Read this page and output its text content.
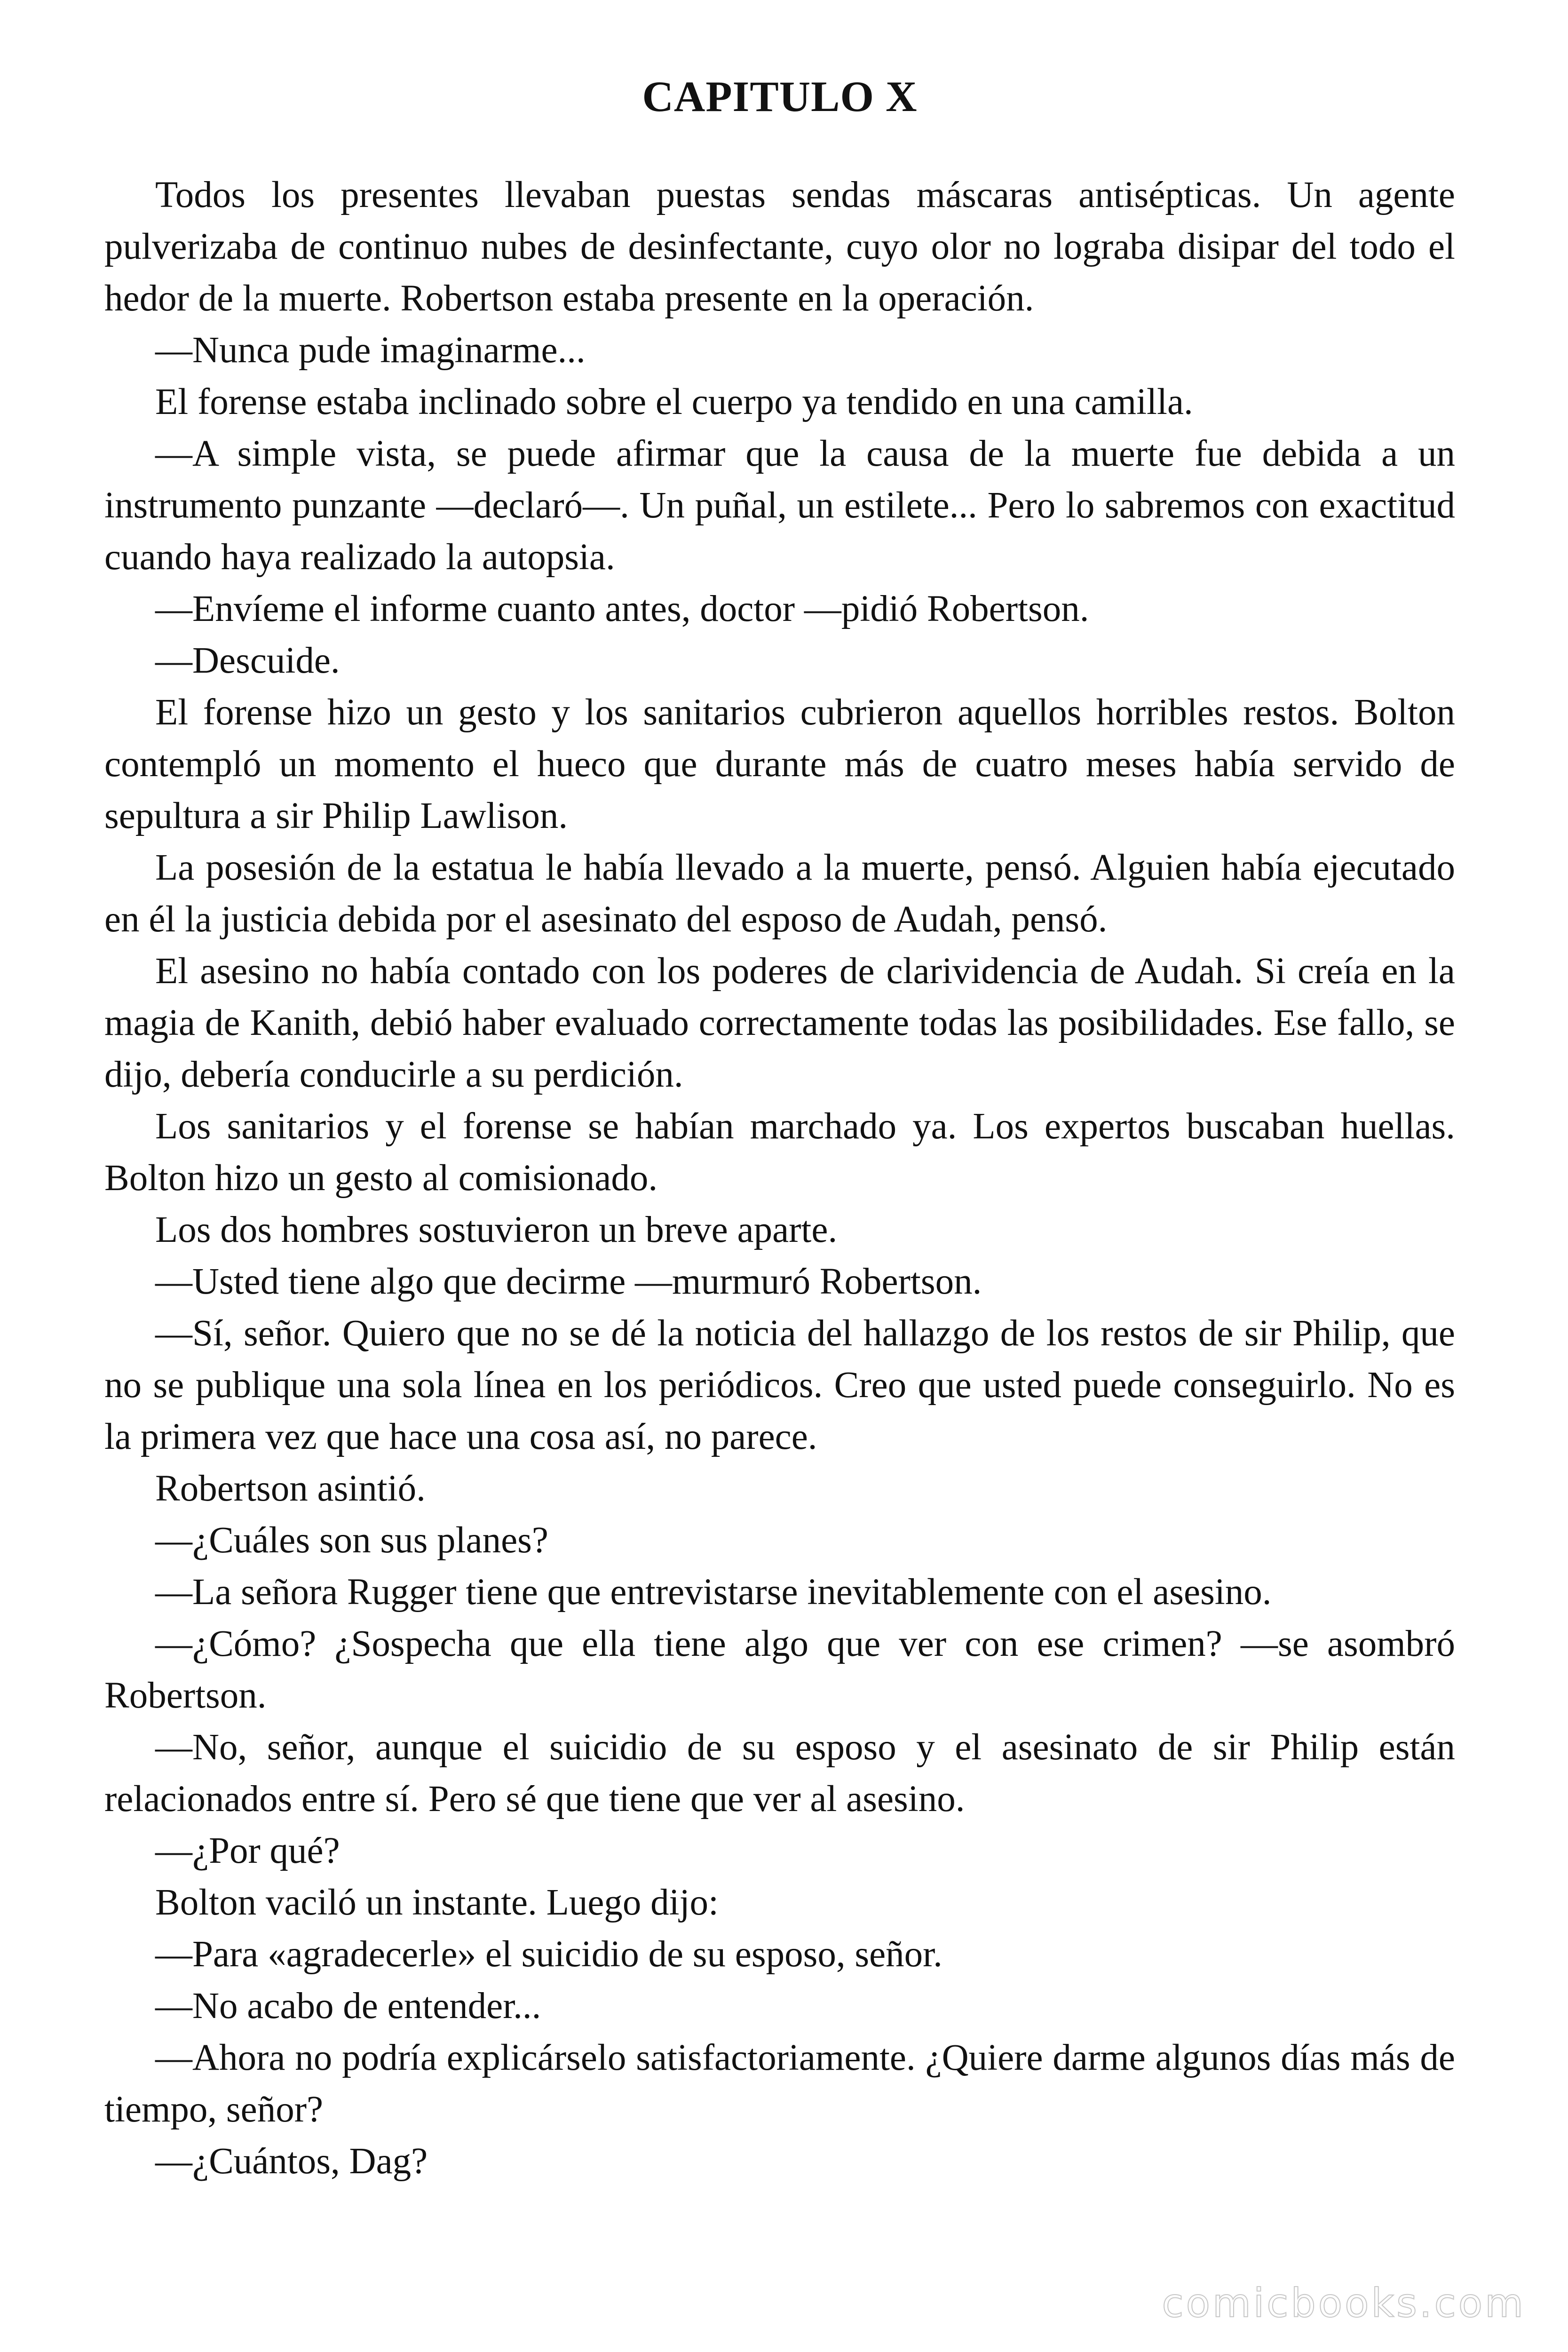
CAPITULO X

Todos los presentes llevaban puestas sendas máscaras antisépticas. Un agente pulverizaba de continuo nubes de desinfectante, cuyo olor no lograba disipar del todo el hedor de la muerte. Robertson estaba presente en la operación.

—Nunca pude imaginarme...

El forense estaba inclinado sobre el cuerpo ya tendido en una camilla.

—A simple vista, se puede afirmar que la causa de la muerte fue debida a un instrumento punzante —declaró—. Un puñal, un estilete... Pero lo sabremos con exactitud cuando haya realizado la autopsia.

—Envíeme el informe cuanto antes, doctor —pidió Robertson.

—Descuide.

El forense hizo un gesto y los sanitarios cubrieron aquellos horribles restos. Bolton contempló un momento el hueco que durante más de cuatro meses había servido de sepultura a sir Philip Lawlison.

La posesión de la estatua le había llevado a la muerte, pensó. Alguien había ejecutado en él la justicia debida por el asesinato del esposo de Audah, pensó.

El asesino no había contado con los poderes de clarividencia de Audah. Si creía en la magia de Kanith, debió haber evaluado correctamente todas las posibilidades. Ese fallo, se dijo, debería conducirle a su perdición.

Los sanitarios y el forense se habían marchado ya. Los expertos buscaban huellas. Bolton hizo un gesto al comisionado.

Los dos hombres sostuvieron un breve aparte.

—Usted tiene algo que decirme —murmuró Robertson.

—Sí, señor. Quiero que no se dé la noticia del hallazgo de los restos de sir Philip, que no se publique una sola línea en los periódicos. Creo que usted puede conseguirlo. No es la primera vez que hace una cosa así, no parece.

Robertson asintió.

—¿Cuáles son sus planes?

—La señora Rugger tiene que entrevistarse inevitablemente con el asesino.

—¿Cómo? ¿Sospecha que ella tiene algo que ver con ese crimen? —se asombró Robertson.

—No, señor, aunque el suicidio de su esposo y el asesinato de sir Philip están relacionados entre sí. Pero sé que tiene que ver al asesino.

—¿Por qué?

Bolton vaciló un instante. Luego dijo:

—Para «agradecerle» el suicidio de su esposo, señor.

—No acabo de entender...

—Ahora no podría explicárselo satisfactoriamente. ¿Quiere darme algunos días más de tiempo, señor?

—¿Cuántos, Dag?

comicbooks.com
